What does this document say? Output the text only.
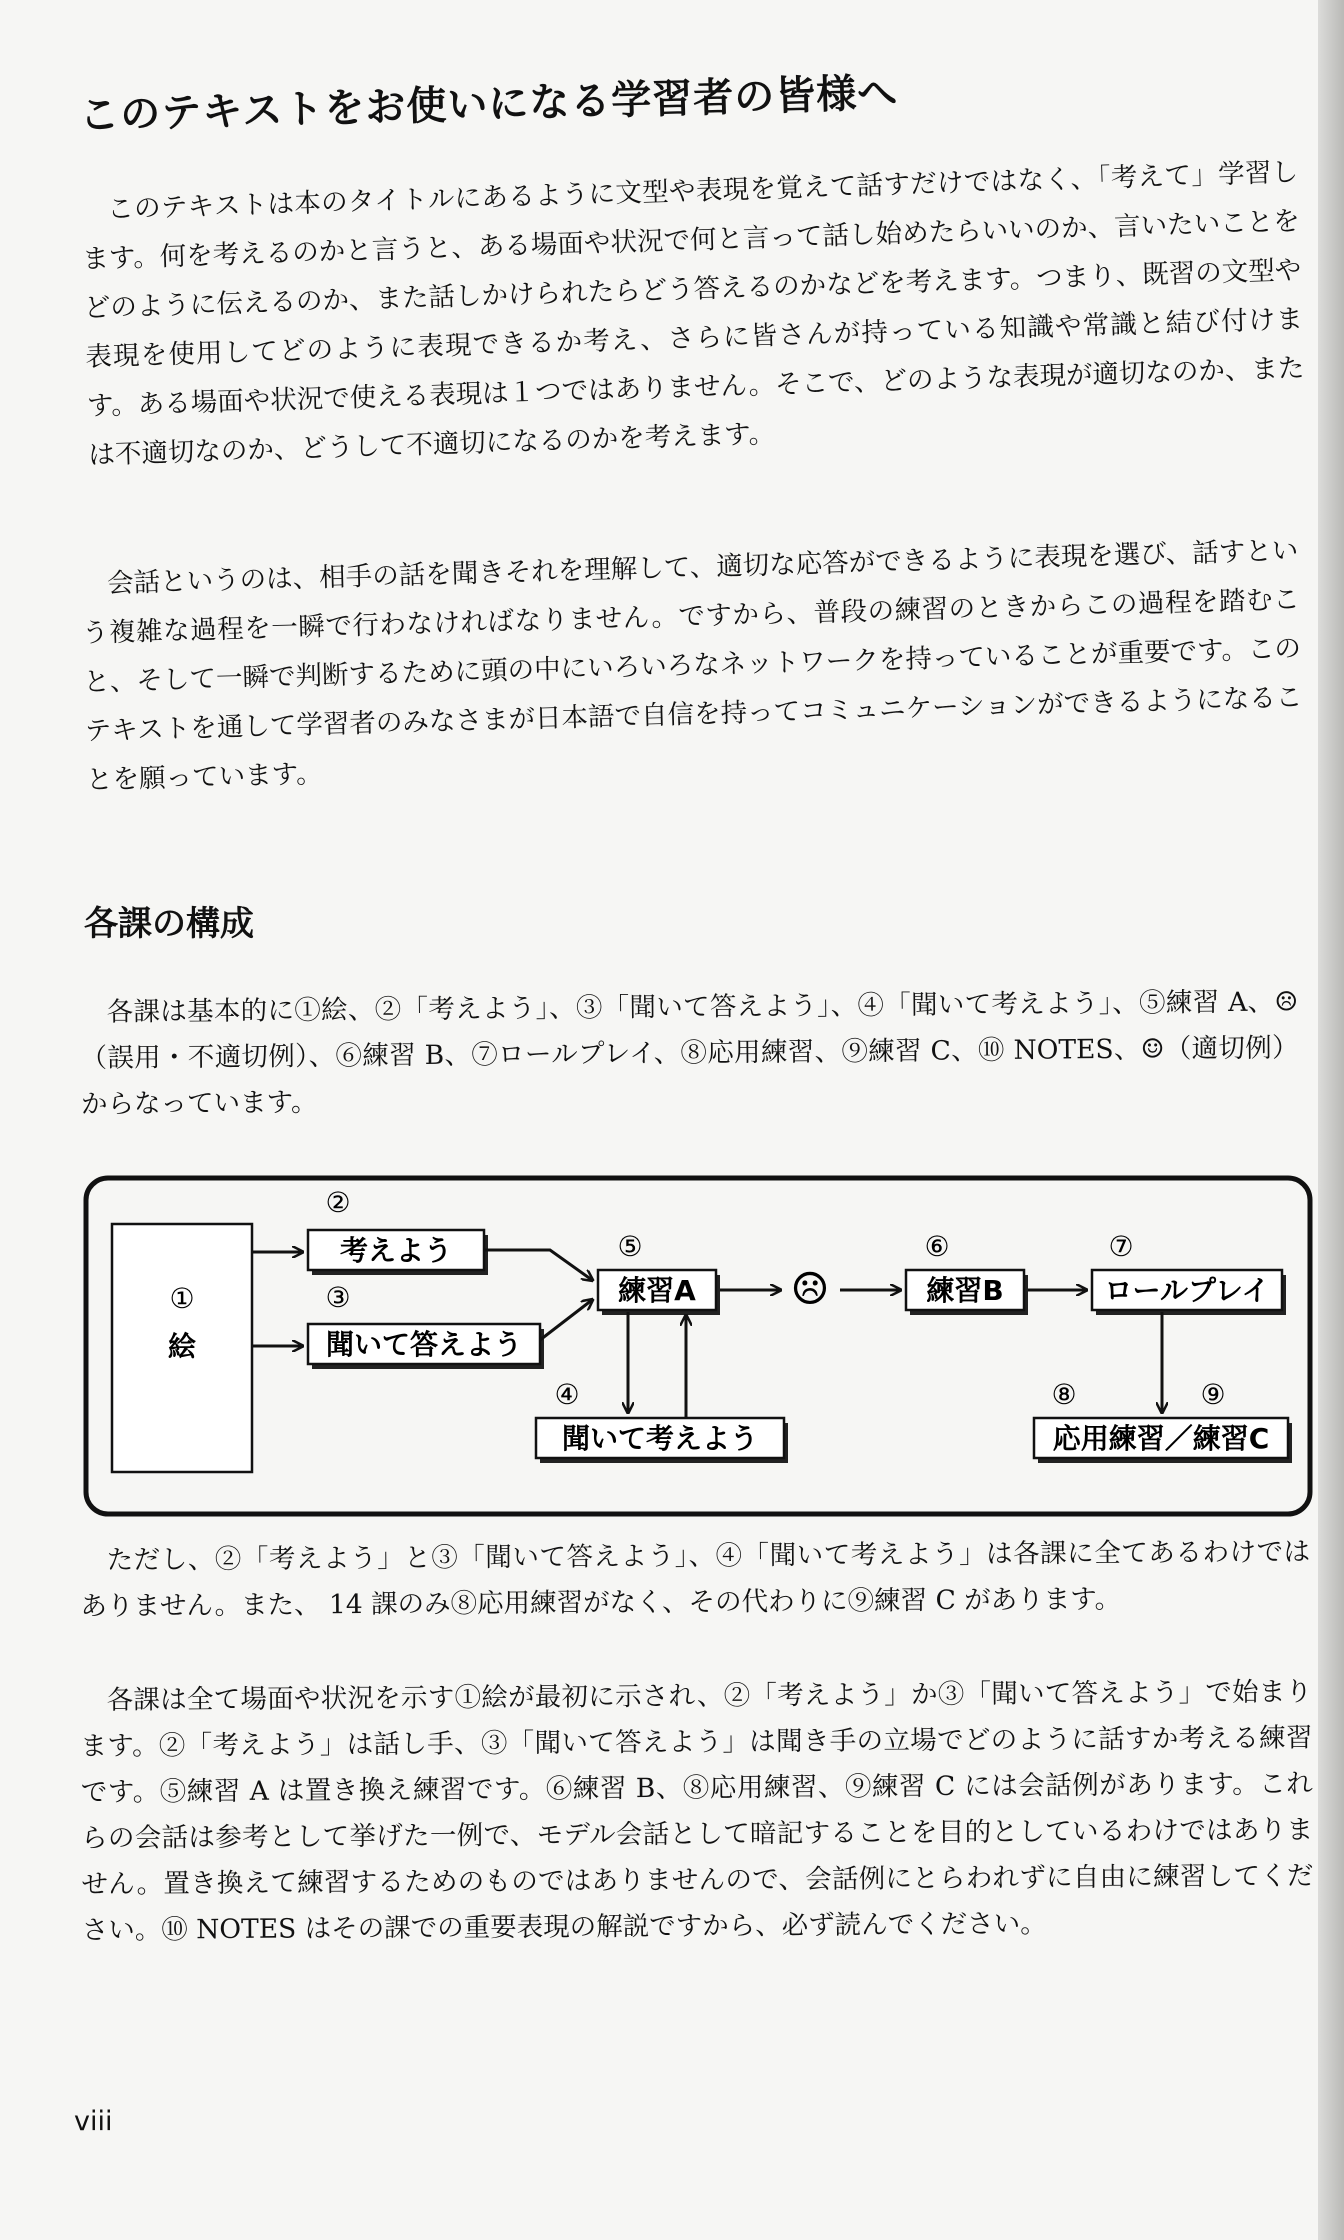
このテキストをお使いになる学習者の皆様へ

このテキストは本のタイトルにあるように文型や表現を覚えて話すだけではなく、「考えて」学習します。何を考えるのかと言うと、ある場面や状況で何と言って話し始めたらいいのか、言いたいことをどのように伝えるのか、また話しかけられたらどう答えるのかなどを考えます。つまり、既習の文型や表現を使用してどのように表現できるか考え、さらに皆さんが持っている知識や常識と結び付けます。ある場面や状況で使える表現は１つではありません。そこで、どのような表現が適切なのか、または不適切なのか、どうして不適切になるのかを考えます。

会話というのは、相手の話を聞きそれを理解して、適切な応答ができるように表現を選び、話すという複雑な過程を一瞬で行わなければなりません。ですから、普段の練習のときからこの過程を踏むこと、そして一瞬で判断するために頭の中にいろいろなネットワークを持っていることが重要です。このテキストを通して学習者のみなさまが日本語で自信を持ってコミュニケーションができるようになることを願っています。

各課の構成

各課は基本的に①絵、②「考えよう」、③「聞いて答えよう」、④「聞いて考えよう」、⑤練習 A、☹（誤用・不適切例）、⑥練習 B、⑦ロールプレイ、⑧応用練習、⑨練習 C、⑩ NOTES、☺（適切例）からなっています。

①
絵
②
考えよう
③
聞いて答えよう
⑤
練習A ☹
⑥
練習B
⑦
ロールプレイ
④
聞いて考えよう
⑧	⑨
応用練習／練習C

ただし、②「考えよう」と③「聞いて答えよう」、④「聞いて考えよう」は各課に全てあるわけではありません。また、 14 課のみ⑧応用練習がなく、その代わりに⑨練習 C があります。

各課は全て場面や状況を示す①絵が最初に示され、②「考えよう」か③「聞いて答えよう」で始まります。②「考えよう」は話し手、③「聞いて答えよう」は聞き手の立場でどのように話すか考える練習です。⑤練習 A は置き換え練習です。⑥練習 B、⑧応用練習、⑨練習 C には会話例があります。これらの会話は参考として挙げた一例で、モデル会話として暗記することを目的としているわけではありません。置き換えて練習するためのものではありませんので、会話例にとらわれずに自由に練習してください。⑩ NOTES はその課での重要表現の解説ですから、必ず読んでください。

viii
